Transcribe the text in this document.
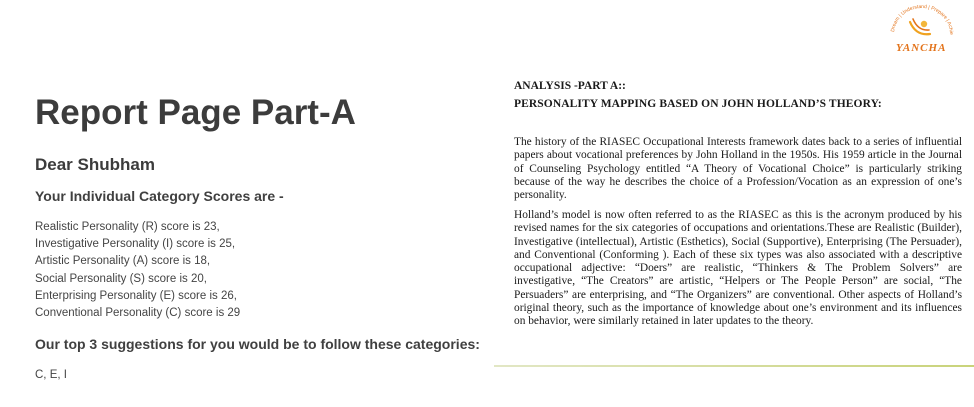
Dream | Understand | Prepare | Achie

YANCHA

Report Page Part-A
Dear Shubham
Your Individual Category Scores are -
Realistic Personality (R) score is 23,
Investigative Personality (I) score is 25,
Artistic Personality (A) score is 18,
Social Personality (S) score is 20,
Enterprising Personality (E) score is 26,
Conventional Personality (C) score is 29
Our top 3 suggestions for you would be to follow these categories:

C, E, I

ANALYSIS -PART A::
PERSONALITY MAPPING BASED ON JOHN HOLLAND’S THEORY:

The history of the RIASEC Occupational Interests framework dates back to a series of influential papers about vocational preferences by John Holland in the 1950s. His 1959 article in the Journal of Counseling Psychology entitled “A Theory of Vocational Choice” is particularly striking because of the way he describes the choice of a Profession/Vocation as an expression of one’s personality.

Holland’s model is now often referred to as the RIASEC as this is the acronym produced by his revised names for the six categories of occupations and orientations.These are Realistic (Builder), Investigative (intellectual), Artistic (Esthetics), Social (Supportive), Enterprising (The Persuader), and Conventional (Conforming ). Each of these six types was also associated with a descriptive occupational adjective: “Doers” are realistic, “Thinkers & The Problem Solvers” are investigative, “The Creators” are artistic, “Helpers or The People Person” are social, “The Persuaders” are enterprising, and “The Organizers” are conventional. Other aspects of Holland’s original theory, such as the importance of knowledge about one’s environment and its influences on behavior, were similarly retained in later updates to the theory.
